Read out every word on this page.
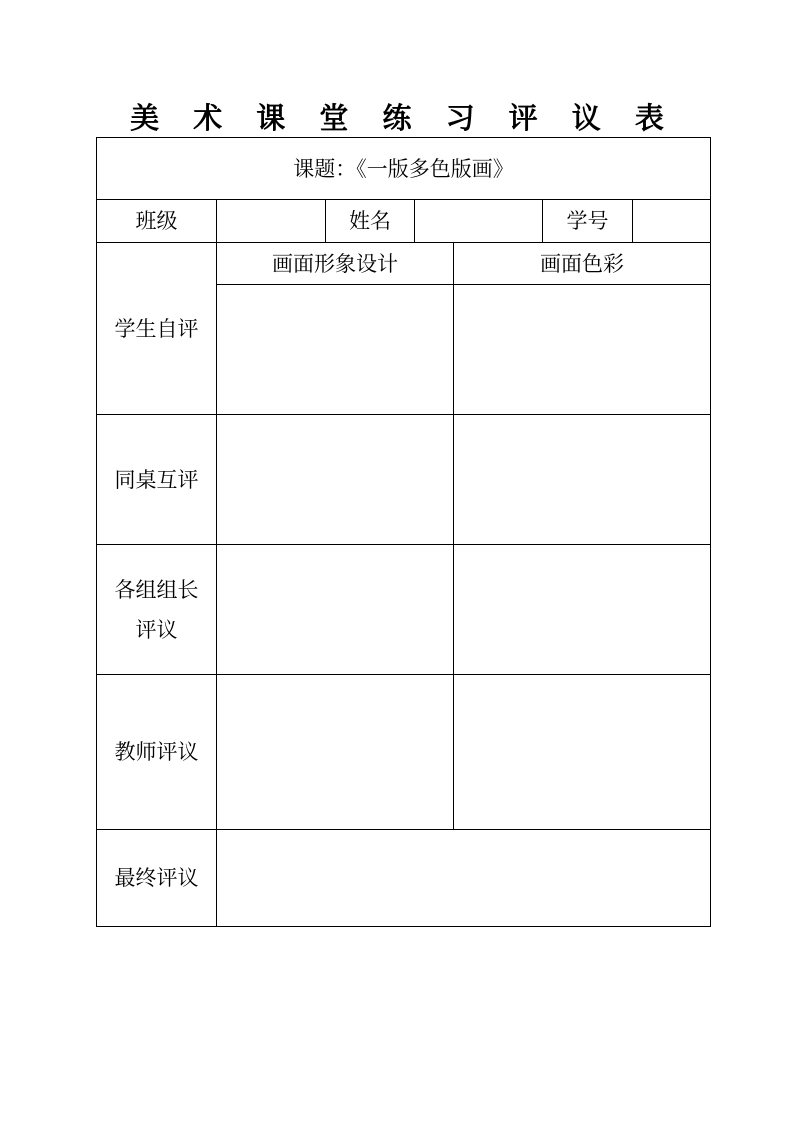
美 术 课 堂 练 习 评 议 表
课题：《一版多色版画》						
班级		姓名			学号	
学生自评	画面形象设计			画面色彩		

同桌互评						

各组组长
评议						

教师评议						
最终评议						
